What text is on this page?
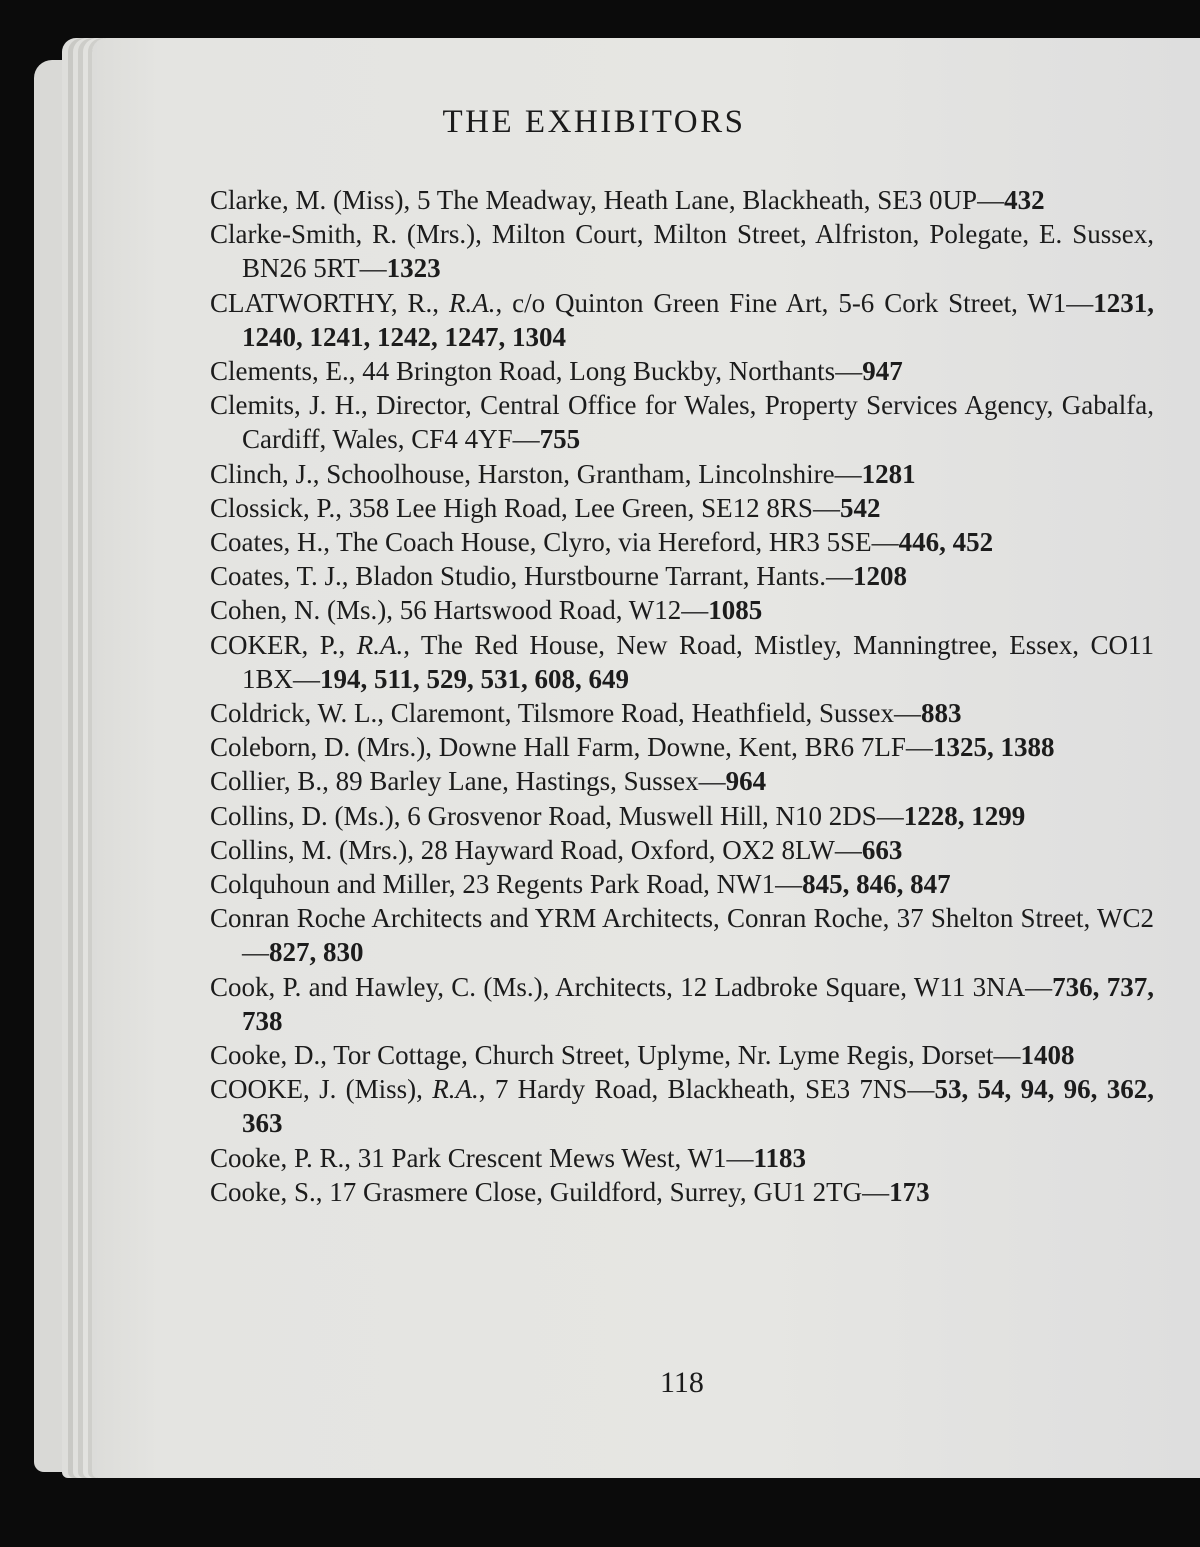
THE EXHIBITORS
Clarke, M. (Miss), 5 The Meadway, Heath Lane, Blackheath, SE3 0UP—432
Clarke-Smith, R. (Mrs.), Milton Court, Milton Street, Alfriston, Polegate, E. Sussex, BN26 5RT—1323
CLATWORTHY, R., R.A., c/o Quinton Green Fine Art, 5-6 Cork Street, W1—1231, 1240, 1241, 1242, 1247, 1304
Clements, E., 44 Brington Road, Long Buckby, Northants—947
Clemits, J. H., Director, Central Office for Wales, Property Services Agency, Gabalfa, Cardiff, Wales, CF4 4YF—755
Clinch, J., Schoolhouse, Harston, Grantham, Lincolnshire—1281
Clossick, P., 358 Lee High Road, Lee Green, SE12 8RS—542
Coates, H., The Coach House, Clyro, via Hereford, HR3 5SE—446, 452
Coates, T. J., Bladon Studio, Hurstbourne Tarrant, Hants.—1208
Cohen, N. (Ms.), 56 Hartswood Road, W12—1085
COKER, P., R.A., The Red House, New Road, Mistley, Manningtree, Essex, CO11 1BX—194, 511, 529, 531, 608, 649
Coldrick, W. L., Claremont, Tilsmore Road, Heathfield, Sussex—883
Coleborn, D. (Mrs.), Downe Hall Farm, Downe, Kent, BR6 7LF—1325, 1388
Collier, B., 89 Barley Lane, Hastings, Sussex—964
Collins, D. (Ms.), 6 Grosvenor Road, Muswell Hill, N10 2DS—1228, 1299
Collins, M. (Mrs.), 28 Hayward Road, Oxford, OX2 8LW—663
Colquhoun and Miller, 23 Regents Park Road, NW1—845, 846, 847
Conran Roche Architects and YRM Architects, Conran Roche, 37 Shelton Street, WC2—827, 830
Cook, P. and Hawley, C. (Ms.), Architects, 12 Ladbroke Square, W11 3NA—736, 737, 738
Cooke, D., Tor Cottage, Church Street, Uplyme, Nr. Lyme Regis, Dorset—1408
COOKE, J. (Miss), R.A., 7 Hardy Road, Blackheath, SE3 7NS—53, 54, 94, 96, 362, 363
Cooke, P. R., 31 Park Crescent Mews West, W1—1183
Cooke, S., 17 Grasmere Close, Guildford, Surrey, GU1 2TG—173
118
